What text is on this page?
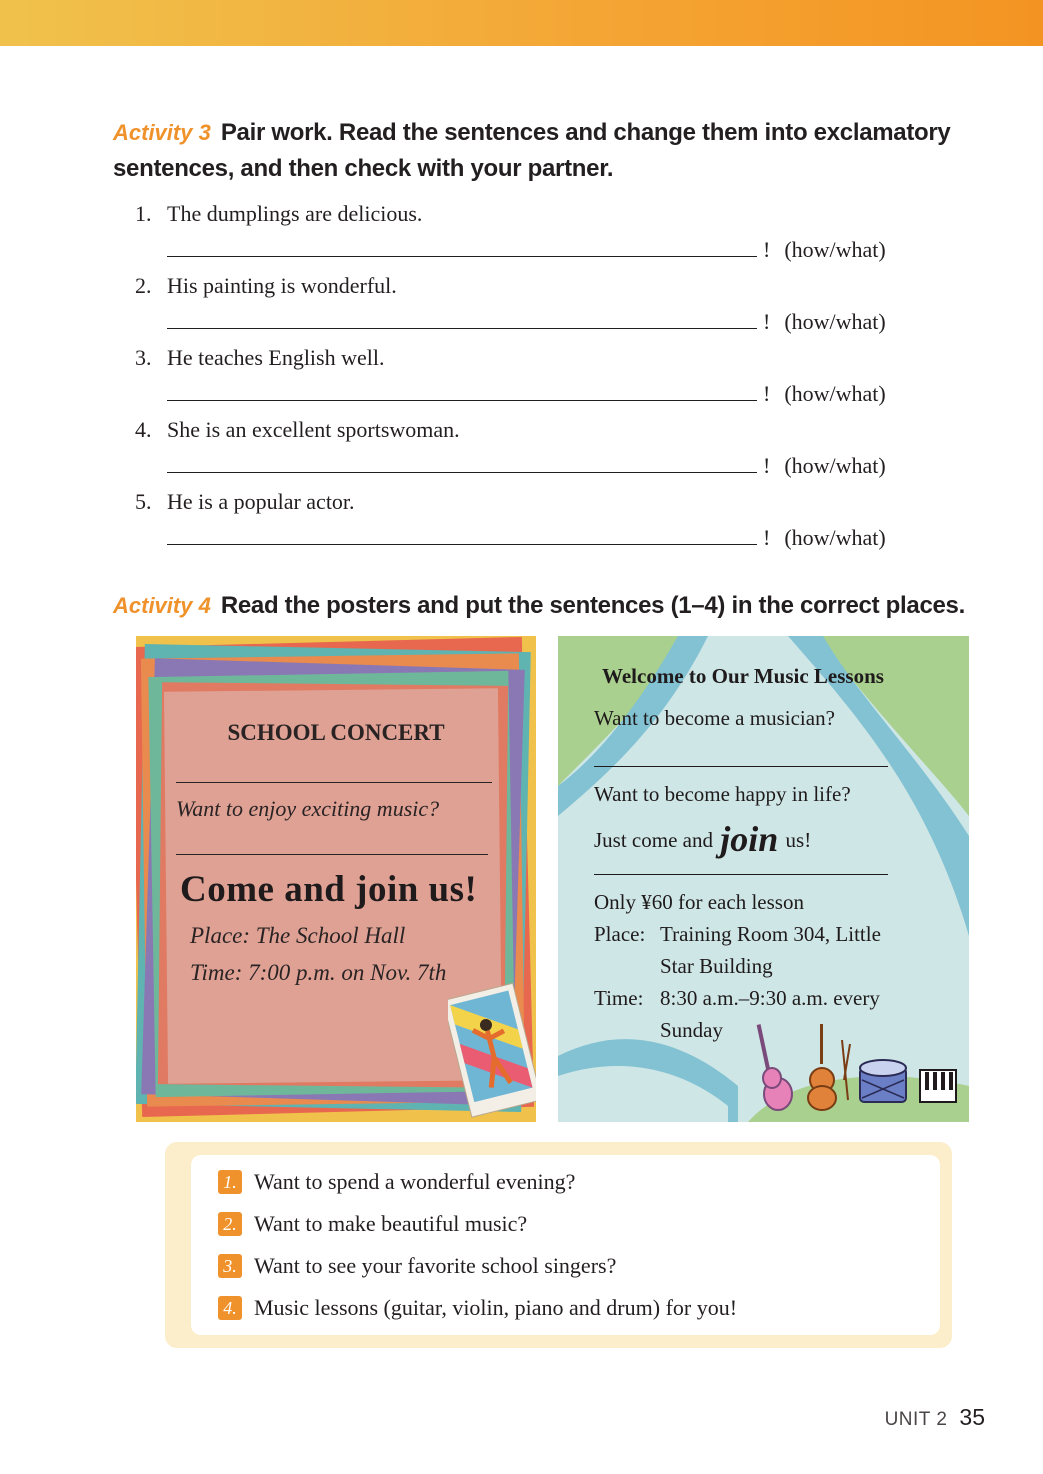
Activity 3 Pair work. Read the sentences and change them into exclamatory sentences, and then check with your partner.
1. The dumplings are delicious.
! (how/what)
2. His painting is wonderful.
! (how/what)
3. He teaches English well.
! (how/what)
4. She is an excellent sportswoman.
! (how/what)
5. He is a popular actor.
! (how/what)
Activity 4 Read the posters and put the sentences (1–4) in the correct places.
SCHOOL CONCERT
Want to enjoy exciting music?
Come and join us!
Place: The School Hall
Time: 7:00 p.m. on Nov. 7th
Welcome to Our Music Lessons
Want to become a musician?
Want to become happy in life?
Just come and join us!
Only ¥60 for each lesson
Place: Training Room 304, Little
Star Building
Time: 8:30 a.m.–9:30 a.m. every
Sunday
1. Want to spend a wonderful evening?
2. Want to make beautiful music?
3. Want to see your favorite school singers?
4. Music lessons (guitar, violin, piano and drum) for you!
UNIT 2 35
